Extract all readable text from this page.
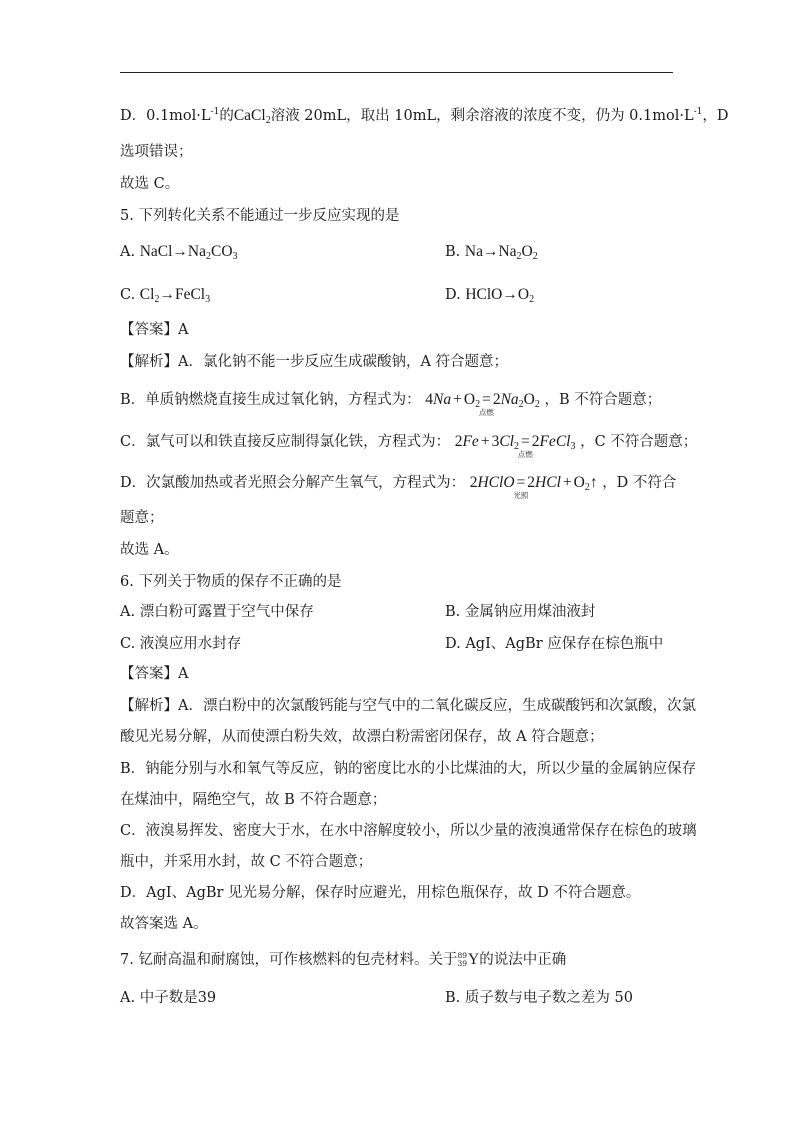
D．$0.1mol\cdot L^{-1}$的CaCl$_2$溶液 20mL，取出 10mL，剩余溶液的浓度不变，仍为 $0.1mol\cdot L^{-1}$，D
选项错误；
故选 C。
5. 下列转化关系不能通过一步反应实现的是
A. $NaCl\to Na_2CO_3$	B. $Na\to Na_2O_2$
C. $Cl_2\to FeCl_3$	D. $HClO\to O_2$
【答案】A
【解析】A．氯化钠不能一步反应生成碳酸钠，A 符合题意；
B．单质钠燃烧直接生成过氧化钠，方程式为： $4Na + O_2$ =
点燃
$2Na_2O_2$ ，B 不符合题意；
C．氯气可以和铁直接反应制得氯化铁，方程式为： $2Fe + 3Cl_2$ =
点燃
2FeCl$_3$ ，C 不符合题意；
D．次氯酸加热或者光照会分解产生氧气，方程式为： 2HClO =
光照
$2HCl + O_2↑$ ，D 不符合
题意；
故选 A。
6. 下列关于物质的保存不正确的是
A. 漂白粉可露置于空气中保存	B. 金属钠应用煤油液封
C. 液溴应用水封存	D. AgI、AgBr 应保存在棕色瓶中
【答案】A
【解析】A．漂白粉中的次氯酸钙能与空气中的二氧化碳反应，生成碳酸钙和次氯酸，次氯
酸见光易分解，从而使漂白粉失效，故漂白粉需密闭保存，故 A 符合题意；
B．钠能分别与水和氧气等反应，钠的密度比水的小比煤油的大，所以少量的金属钠应保存
在煤油中，隔绝空气，故 B 不符合题意；
C．液溴易挥发、密度大于水，在水中溶解度较小，所以少量的液溴通常保存在棕色的玻璃
瓶中，并采用水封，故 C 不符合题意；
D．AgI、AgBr 见光易分解，保存时应避光，用棕色瓶保存，故 D 不符合题意。
故答案选 A。
7. 钇耐高温和耐腐蚀，可作核燃料的包壳材料。关于89
39Y的说法中正确
A. 中子数是39	B. 质子数与电子数之差为 50
